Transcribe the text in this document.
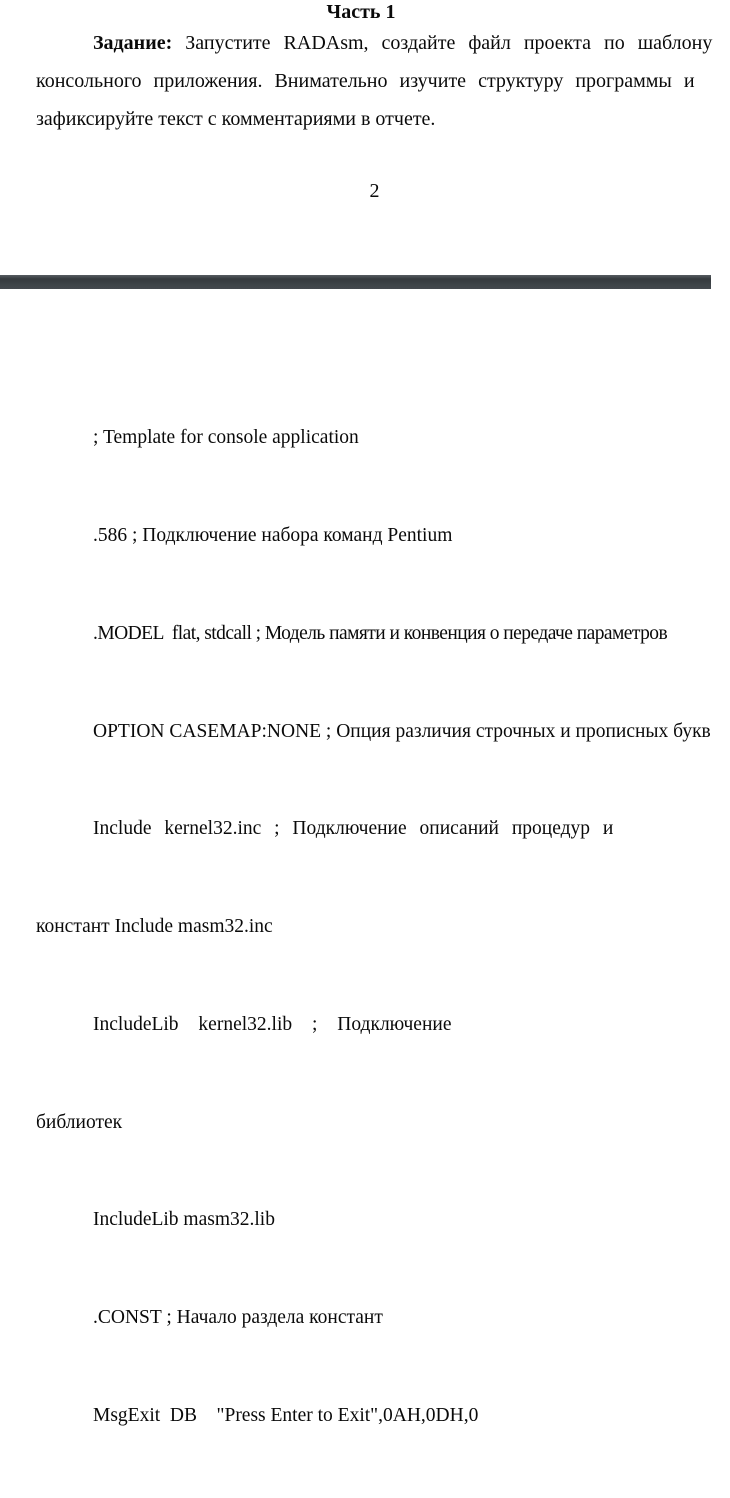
Часть 1
Задание: Запустите RADAsm, создайте файл проекта по шаблону
консольного приложения. Внимательно изучите структуру программы и
зафиксируйте текст с комментариями в отчете.
2

; Template for console application

.586 ; Подключение набора команд Pentium

.MODEL  flat, stdcall ; Модель памяти и конвенция о передаче параметров

OPTION CASEMAP:NONE ; Опция различия строчных и прописных букв

Include kernel32.inc ; Подключение описаний процедур и

констант Include masm32.inc

IncludeLib kernel32.lib ; Подключение

библиотек

IncludeLib masm32.lib

.CONST ; Начало раздела констант

MsgExit  DB    "Press Enter to Exit",0AH,0DH,0
